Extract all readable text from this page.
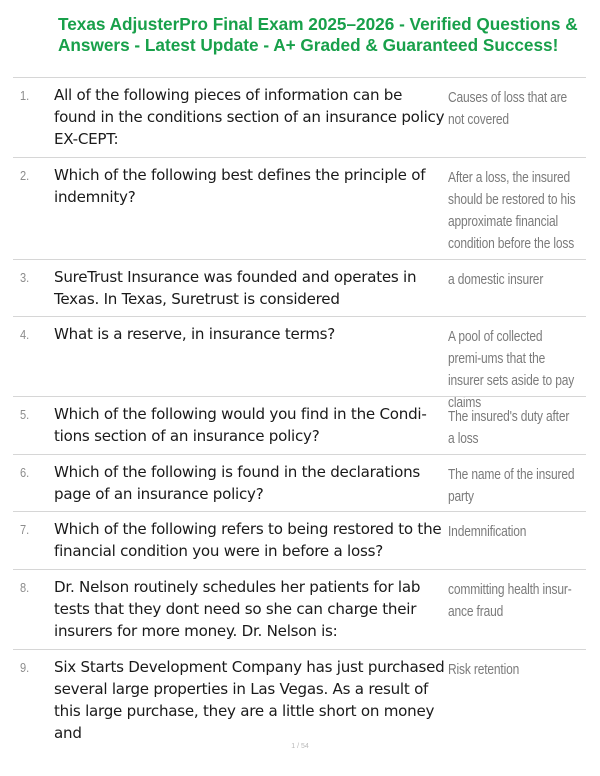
Texas AdjusterPro Final Exam 2025–2026 - Verified Questions & Answers - Latest Update - A+ Graded & Guaranteed Success!
1. All of the following pieces of information can be found in the conditions section of an insurance policy EX-CEPT:
Causes of loss that are not covered
2. Which of the following best defines the principle of indemnity?
After a loss, the insured should be restored to his approximate financial condition before the loss
3. SureTrust Insurance was founded and operates in Texas. In Texas, Suretrust is considered
a domestic insurer
4. What is a reserve, in insurance terms?	A pool of collected premi-ums that the insurer sets aside to pay claims
5. Which of the following would you find in the Condi-tions section of an insurance policy?
The insured's duty after a loss
6. Which of the following is found in the declarations page of an insurance policy?
The name of the insured party
7. Which of the following refers to being restored to the financial condition you were in before a loss?
Indemnification
8. Dr. Nelson routinely schedules her patients for lab tests that they dont need so she can charge their insurers for more money. Dr. Nelson is:
committing health insur-ance fraud
9. Six Starts Development Company has just purchased several large properties in Las Vegas. As a result of this large purchase, they are a little short on money and
Risk retention
1 / 54
